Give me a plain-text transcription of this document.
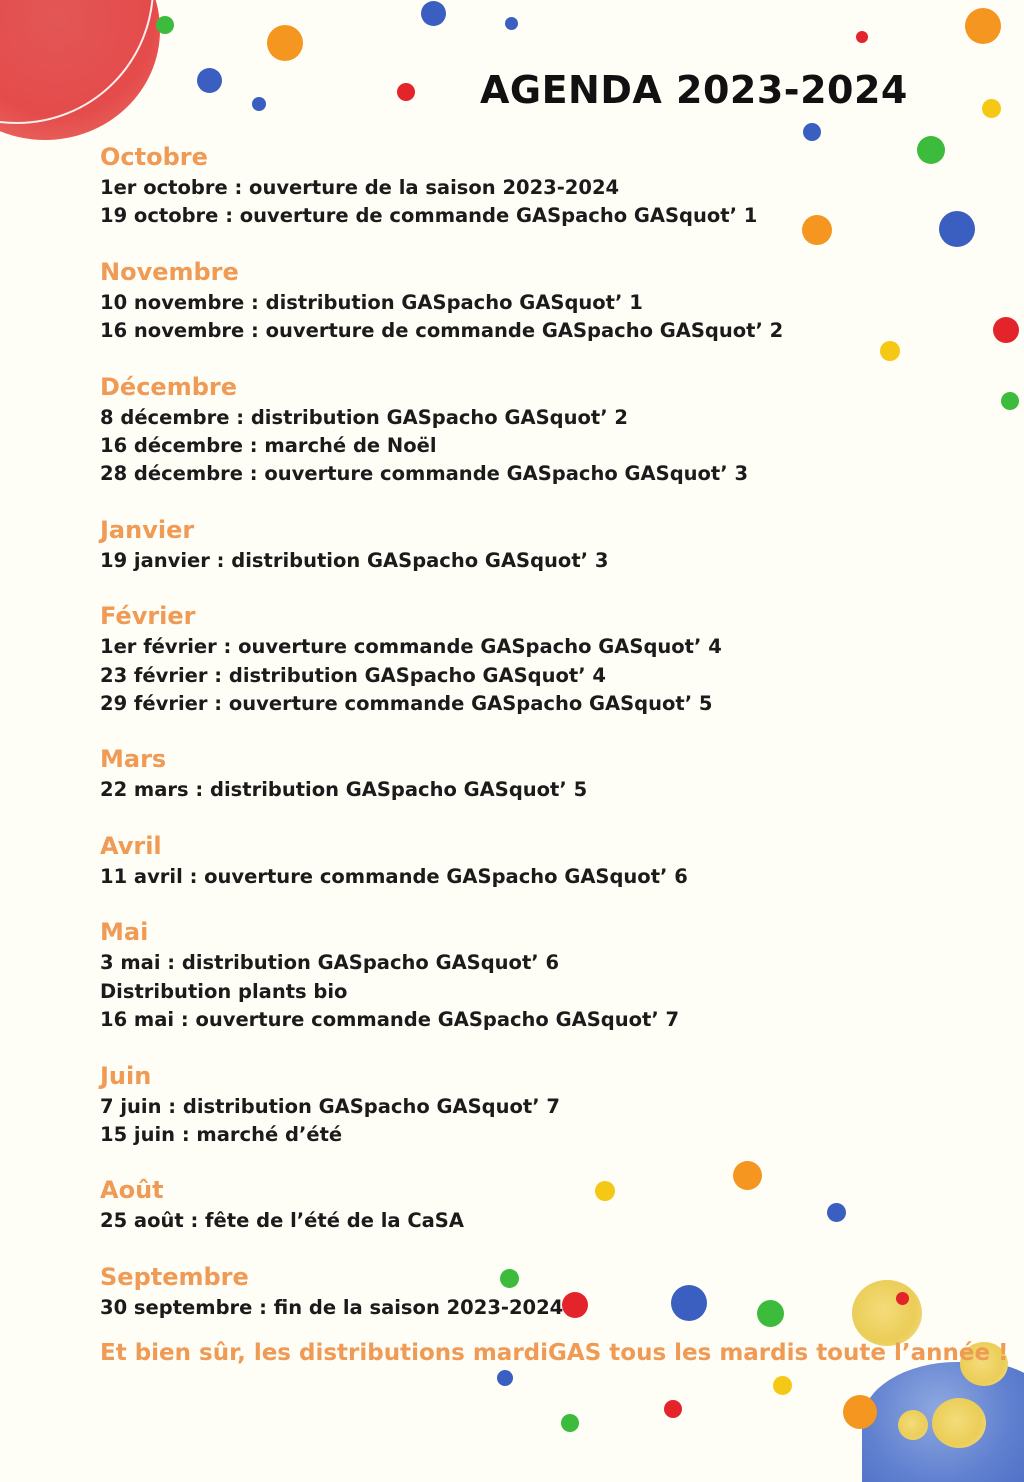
AGENDA 2023-2024
Octobre
1er octobre : ouverture de la saison 2023-2024
19 octobre : ouverture de commande GASpacho GASquot’ 1
Novembre
10 novembre : distribution GASpacho GASquot’ 1
16 novembre : ouverture de commande GASpacho GASquot’ 2
Décembre
8 décembre : distribution GASpacho GASquot’ 2
16 décembre : marché de Noël
28 décembre : ouverture commande GASpacho GASquot’ 3
Janvier
19 janvier : distribution GASpacho GASquot’ 3
Février
1er février : ouverture commande GASpacho GASquot’ 4
23 février : distribution GASpacho GASquot’ 4
29 février : ouverture commande GASpacho GASquot’ 5
Mars
22 mars : distribution GASpacho GASquot’ 5
Avril
11 avril : ouverture commande GASpacho GASquot’ 6
Mai
3 mai : distribution GASpacho GASquot’ 6
Distribution plants bio
16 mai : ouverture commande GASpacho GASquot’ 7
Juin
7 juin : distribution GASpacho GASquot’ 7
15 juin : marché d’été
Août
25 août : fête de l’été de la CaSA
Septembre
30 septembre : fin de la saison 2023-2024
Et bien sûr, les distributions mardiGAS tous les mardis toute l’année !
